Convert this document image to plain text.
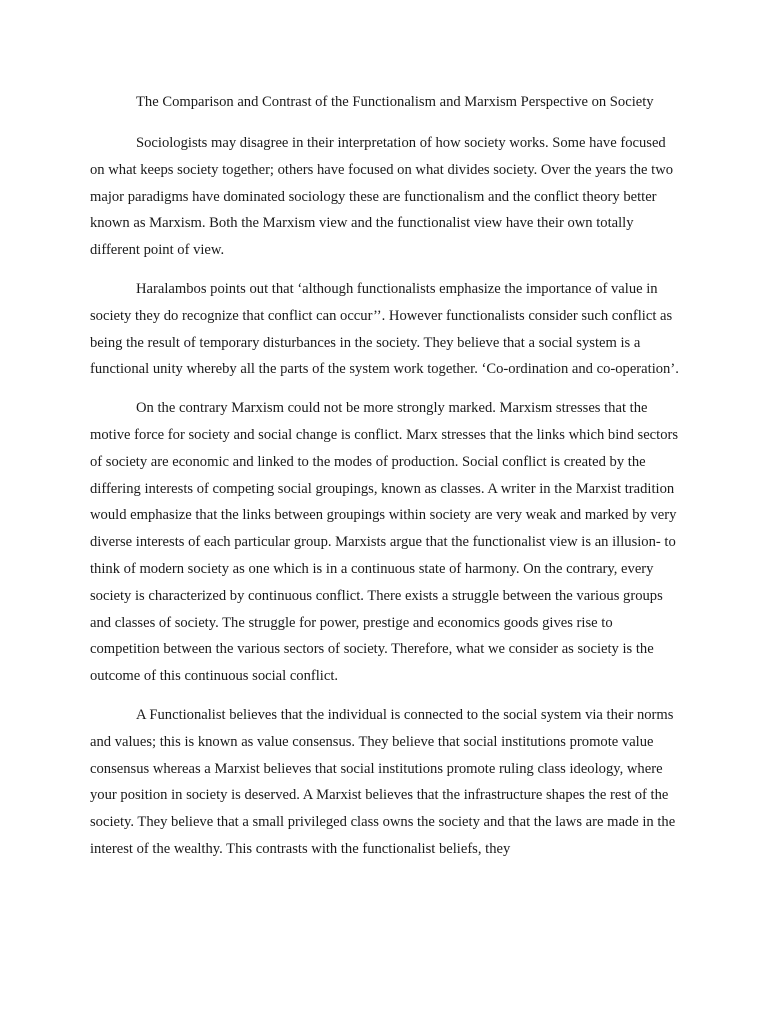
The Comparison and Contrast of the Functionalism and Marxism Perspective on Society

Sociologists may disagree in their interpretation of how society works. Some have focused on what keeps society together; others have focused on what divides society. Over the years the two major paradigms have dominated sociology these are functionalism and the conflict theory better known as Marxism. Both the Marxism view and the functionalist view have their own totally different point of view.

Haralambos points out that ‘although functionalists emphasize the importance of value in society they do recognize that conflict can occur’’. However functionalists consider such conflict as being the result of temporary disturbances in the society. They believe that a social system is a functional unity whereby all the parts of the system work together. ‘Co-ordination and co-operation’.

On the contrary Marxism could not be more strongly marked. Marxism stresses that the motive force for society and social change is conflict. Marx stresses that the links which bind sectors of society are economic and linked to the modes of production. Social conflict is created by the differing interests of competing social groupings, known as classes. A writer in the Marxist tradition would emphasize that the links between groupings within society are very weak and marked by very diverse interests of each particular group. Marxists argue that the functionalist view is an illusion- to think of modern society as one which is in a continuous state of harmony. On the contrary, every society is characterized by continuous conflict. There exists a struggle between the various groups and classes of society. The struggle for power, prestige and economics goods gives rise to competition between the various sectors of society. Therefore, what we consider as society is the outcome of this continuous social conflict.

A Functionalist believes that the individual is connected to the social system via their norms and values; this is known as value consensus. They believe that social institutions promote value consensus whereas a Marxist believes that social institutions promote ruling class ideology, where your position in society is deserved. A Marxist believes that the infrastructure shapes the rest of the society. They believe that a small privileged class owns the society and that the laws are made in the interest of the wealthy. This contrasts with the functionalist beliefs, they
